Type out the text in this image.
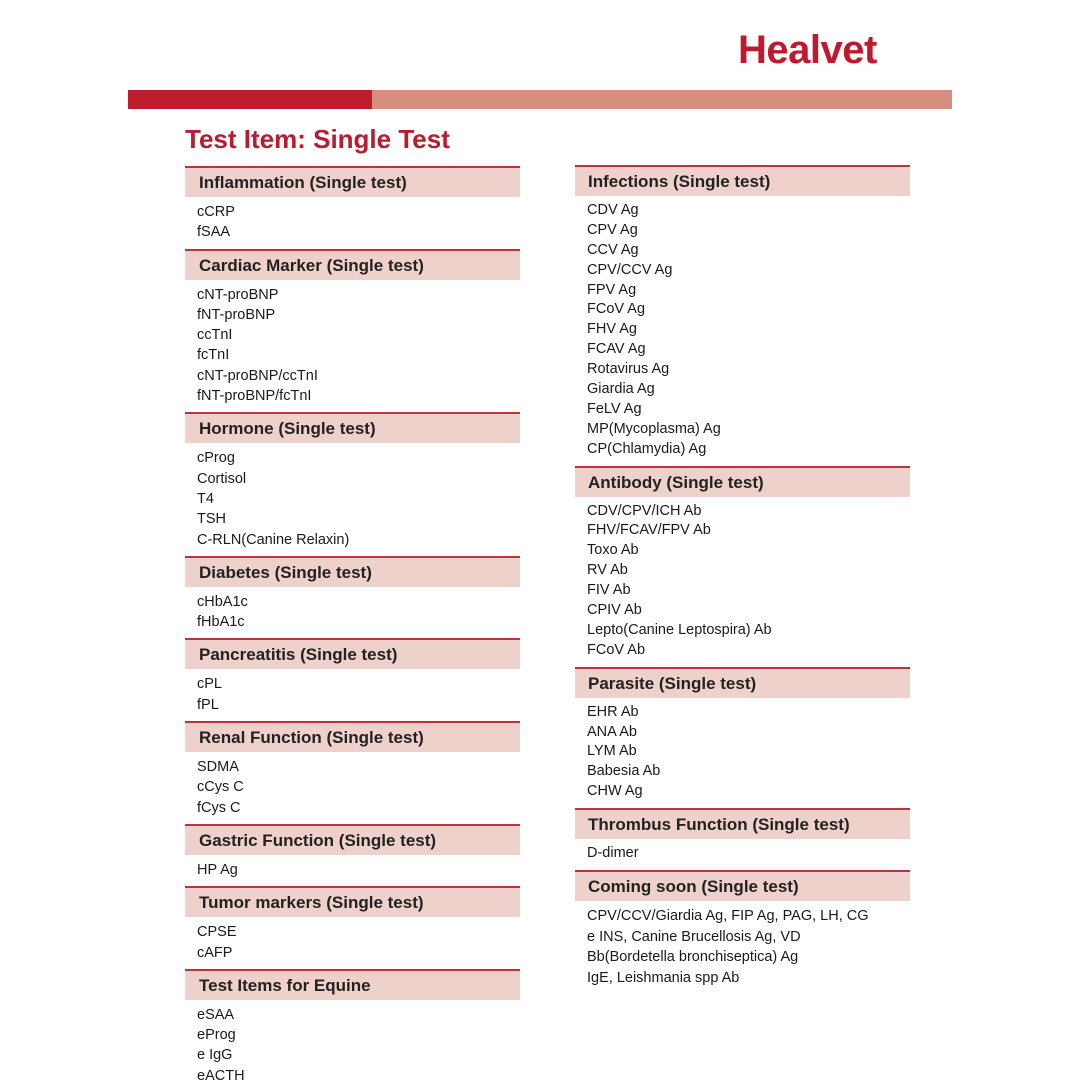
Healvet
Test Item: Single Test
Inflammation (Single test)
cCRP
fSAA
Cardiac Marker (Single test)
cNT-proBNP
fNT-proBNP
ccTnI
fcTnI
cNT-proBNP/ccTnI
fNT-proBNP/fcTnI
Hormone (Single test)
cProg
Cortisol
T4
TSH
C-RLN(Canine Relaxin)
Diabetes (Single test)
cHbA1c
fHbA1c
Pancreatitis (Single test)
cPL
fPL
Renal Function (Single test)
SDMA
cCys C
fCys C
Gastric Function (Single test)
HP Ag
Tumor markers (Single test)
CPSE
cAFP
Test Items for Equine
eSAA
eProg
e IgG
eACTH
Infections (Single test)
CDV Ag
CPV Ag
CCV Ag
CPV/CCV Ag
FPV Ag
FCoV Ag
FHV Ag
FCAV Ag
Rotavirus Ag
Giardia Ag
FeLV Ag
MP(Mycoplasma) Ag
CP(Chlamydia) Ag
Antibody (Single test)
CDV/CPV/ICH Ab
FHV/FCAV/FPV Ab
Toxo Ab
RV Ab
FIV Ab
CPIV Ab
Lepto(Canine Leptospira) Ab
FCoV Ab
Parasite (Single test)
EHR Ab
ANA Ab
LYM Ab
Babesia Ab
CHW Ag
Thrombus Function (Single test)
D-dimer
Coming soon (Single test)
CPV/CCV/Giardia Ag, FIP Ag, PAG, LH, CG
e INS, Canine Brucellosis Ag, VD
Bb(Bordetella bronchiseptica) Ag
IgE, Leishmania spp Ab
